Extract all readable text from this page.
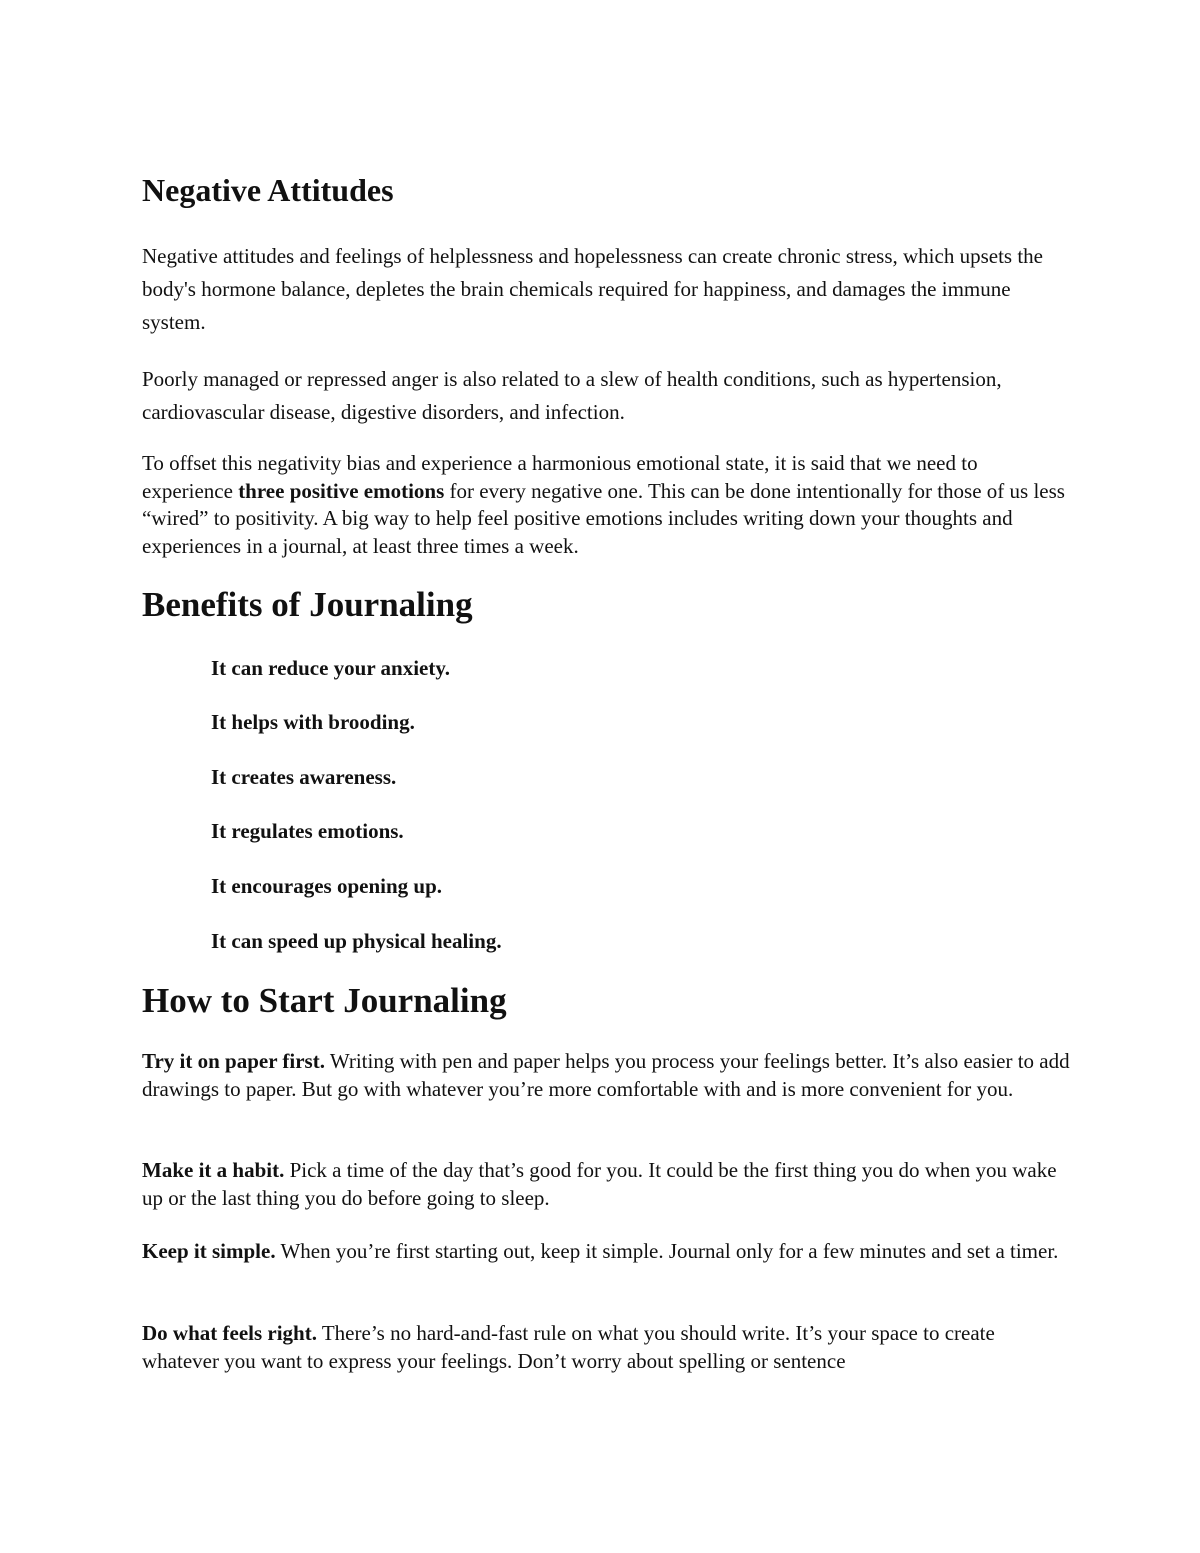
Negative Attitudes
Negative attitudes and feelings of helplessness and hopelessness can create chronic stress, which upsets the body's hormone balance, depletes the brain chemicals required for happiness, and damages the immune system.
Poorly managed or repressed anger is also related to a slew of health conditions, such as hypertension, cardiovascular disease, digestive disorders, and infection.
To offset this negativity bias and experience a harmonious emotional state, it is said that we need to experience three positive emotions for every negative one. This can be done intentionally for those of us less “wired” to positivity. A big way to help feel positive emotions includes writing down your thoughts and experiences in a journal, at least three times a week.
Benefits of Journaling
It can reduce your anxiety.
It helps with brooding.
It creates awareness.
It regulates emotions.
It encourages opening up.
It can speed up physical healing.
How to Start Journaling
Try it on paper first. Writing with pen and paper helps you process your feelings better. It’s also easier to add drawings to paper. But go with whatever you’re more comfortable with and is more convenient for you.
Make it a habit. Pick a time of the day that’s good for you. It could be the first thing you do when you wake up or the last thing you do before going to sleep.
Keep it simple. When you’re first starting out, keep it simple. Journal only for a few minutes and set a timer.
Do what feels right. There’s no hard-and-fast rule on what you should write. It’s your space to create whatever you want to express your feelings. Don’t worry about spelling or sentence
